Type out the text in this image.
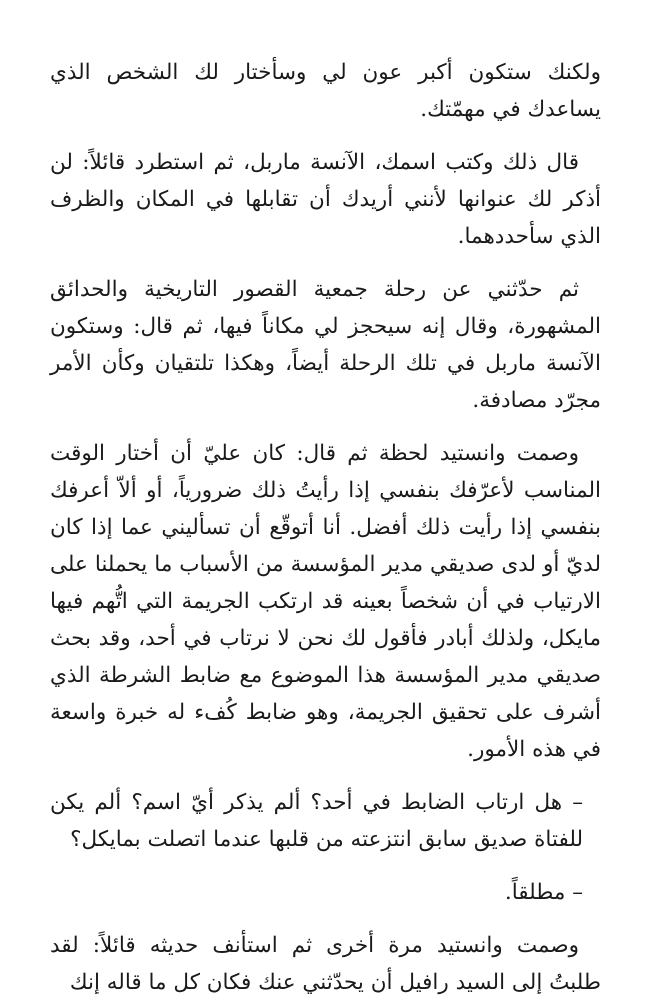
ولكنك ستكون أكبر عون لي وسأختار لك الشخص الذي يساعدك في مهمّتك.

قال ذلك وكتب اسمك، الآنسة ماربل، ثم استطرد قائلاً: لن أذكر لك عنوانها لأنني أريدك أن تقابلها في المكان والظرف الذي سأحددهما.

ثم حدّثني عن رحلة جمعية القصور التاريخية والحدائق المشهورة، وقال إنه سيحجز لي مكاناً فيها، ثم قال: وستكون الآنسة ماربل في تلك الرحلة أيضاً، وهكذا تلتقيان وكأن الأمر مجرّد مصادفة.

وصمت وانستيد لحظة ثم قال: كان عليّ أن أختار الوقت المناسب لأعرّفك بنفسي إذا رأيتُ ذلك ضرورياً، أو ألاّ أعرفك بنفسي إذا رأيت ذلك أفضل. أنا أتوقّع أن تسأليني عما إذا كان لديّ أو لدى صديقي مدير المؤسسة من الأسباب ما يحملنا على الارتياب في أن شخصاً بعينه قد ارتكب الجريمة التي اتُّهم فيها مايكل، ولذلك أبادر فأقول لك نحن لا نرتاب في أحد، وقد بحث صديقي مدير المؤسسة هذا الموضوع مع ضابط الشرطة الذي أشرف على تحقيق الجريمة، وهو ضابط كُفء له خبرة واسعة في هذه الأمور.

– هل ارتاب الضابط في أحد؟ ألم يذكر أيّ اسم؟ ألم يكن للفتاة صديق سابق انتزعته من قلبها عندما اتصلت بمايكل؟

– مطلقاً.

وصمت وانستيد مرة أخرى ثم استأنف حديثه قائلاً: لقد طلبتُ إلى السيد رافيل أن يحدّثني عنك فكان كل ما قاله إنك
